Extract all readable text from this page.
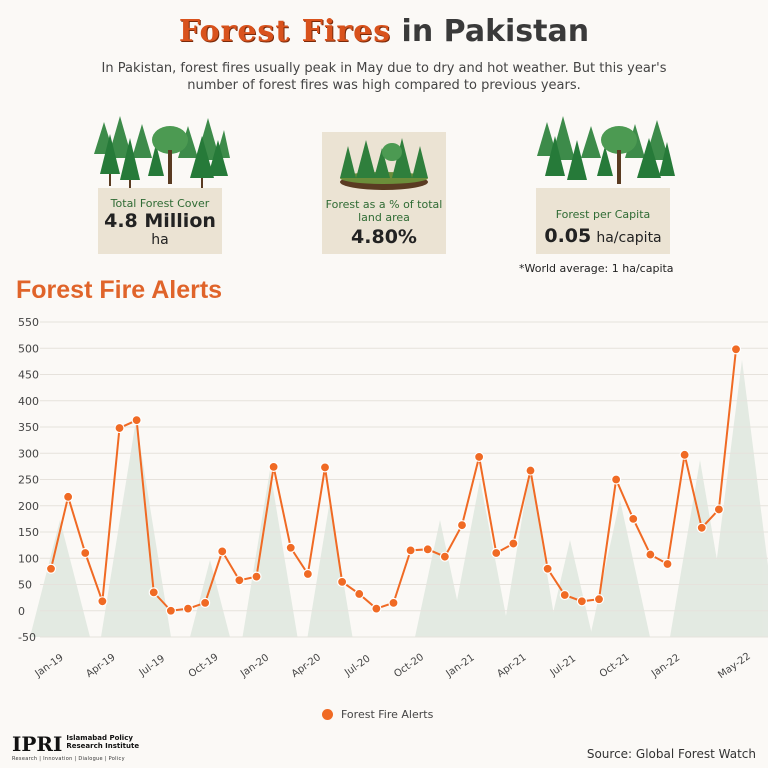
Forest Fires in Pakistan
In Pakistan, forest fires usually peak in May due to dry and hot weather. But this year's number of forest fires was high compared to previous years.
Total Forest Cover
4.8 Million
ha
Forest as a % of total land area
4.80%
Forest per Capita
0.05 ha/capita
*World average: 1 ha/capita
Forest Fire Alerts
550
500
450
400
350
300
250
200
150
100
50
0
-50
Jan-19 Apr-19 Jul-19 Oct-19 Jan-20 Apr-20 Jul-20 Oct-20 Jan-21 Apr-21 Jul-21 Oct-21 Jan-22	May-22
Forest Fire Alerts
IPRI Islamabad Policy
Research Institute
Research | Innovation | Dialogue | Policy	Source: Global Forest Watch
